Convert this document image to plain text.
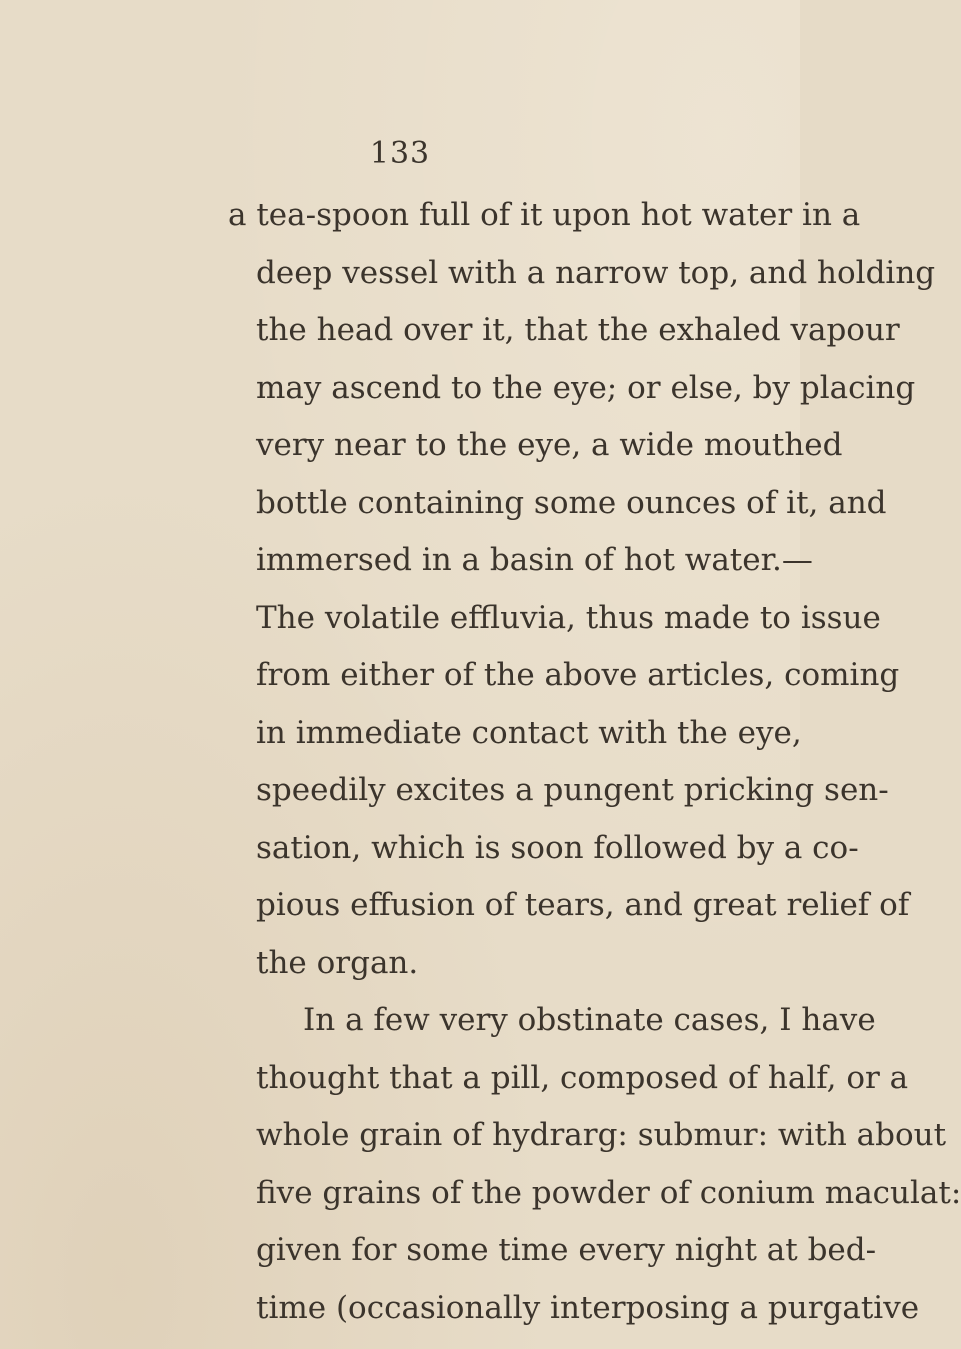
133
a tea-spoon full of it upon hot water in a
deep vessel with a narrow top, and holding
the head over it, that the exhaled vapour
may ascend to the eye; or else, by placing
very near to the eye, a wide mouthed
bottle containing some ounces of it, and
immersed in a basin of hot water.—
The volatile effluvia, thus made to issue
from either of the above articles, coming
in immediate contact with the eye,
speedily excites a pungent pricking sen-
sation, which is soon followed by a co-
pious effusion of tears, and great relief of
the organ.
In a few very obstinate cases, I have
thought that a pill, composed of half, or a
whole grain of hydrarg: submur: with about
five grains of the powder of conium maculat:
given for some time every night at bed-
time (occasionally interposing a purgative
